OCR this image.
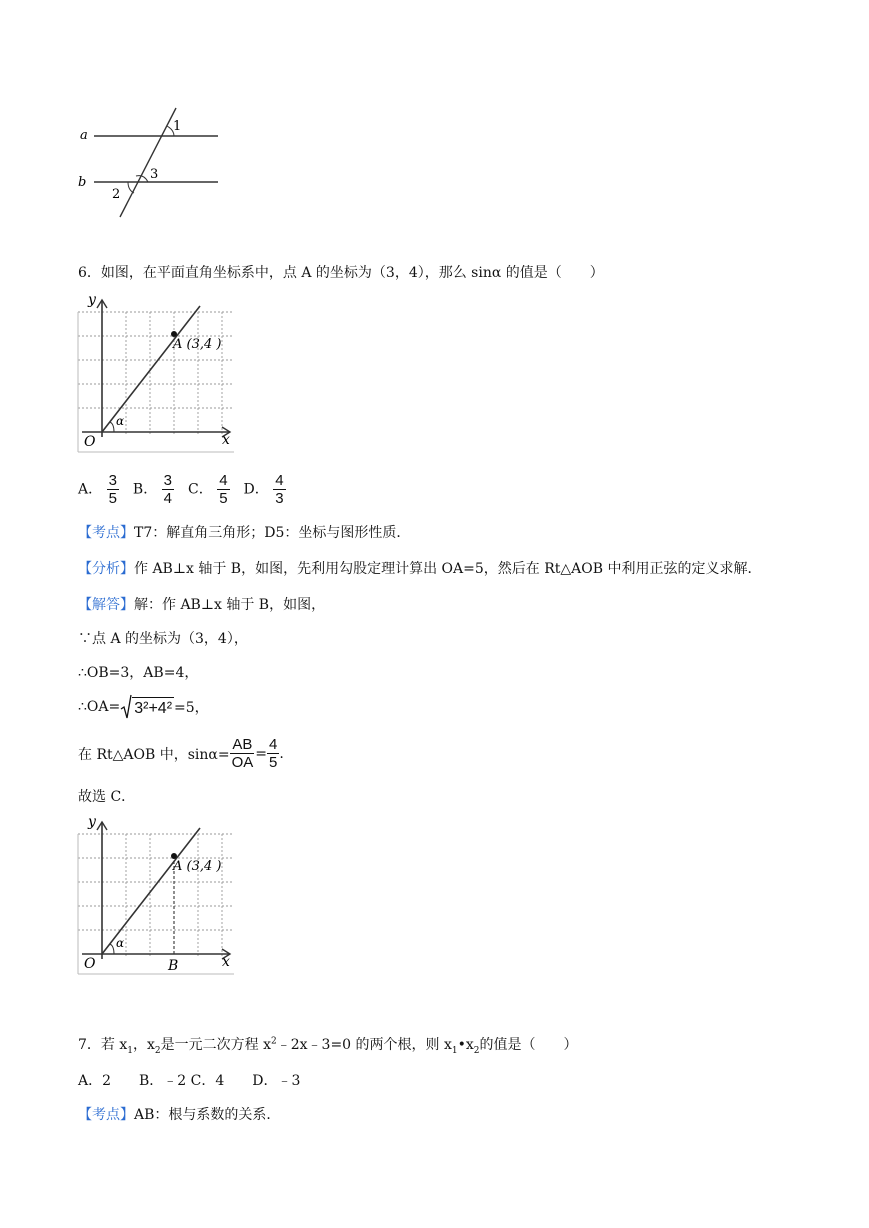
a
b
1
3
2
6．如图，在平面直角坐标系中，点 A 的坐标为（3，4），那么 sinα 的值是（　　）
y
x
O
α
A (3,4 )
A． $\frac{3}{5}$ B． $\frac{3}{4}$ C． $\frac{4}{5}$ D． $\frac{4}{3}$
【考点】T7：解直角三角形；D5：坐标与图形性质．
【分析】作 AB⊥x 轴于 B，如图，先利用勾股定理计算出 OA=5，然后在 Rt△AOB 中利用正弦的定义求解．
【解答】解：作 AB⊥x 轴于 B，如图，
∵点 A 的坐标为（3，4），
∴OB=3，AB=4，
∴OA= 3²+4² =5，
在 Rt△AOB 中，$\sin\alpha= \frac{AB}{OA} = \frac{4}{5}$ .
故选 C．
y
x
O
α
A (3,4 )
B
7．若 $x_1$，$x_2$是一元二次方程 $x^2﹣2x﹣3=0$ 的两个根，则 $x_1•x_2$的值是（　　）
A．2　　B．﹣2 C．4　　D．﹣3
【考点】AB：根与系数的关系．
